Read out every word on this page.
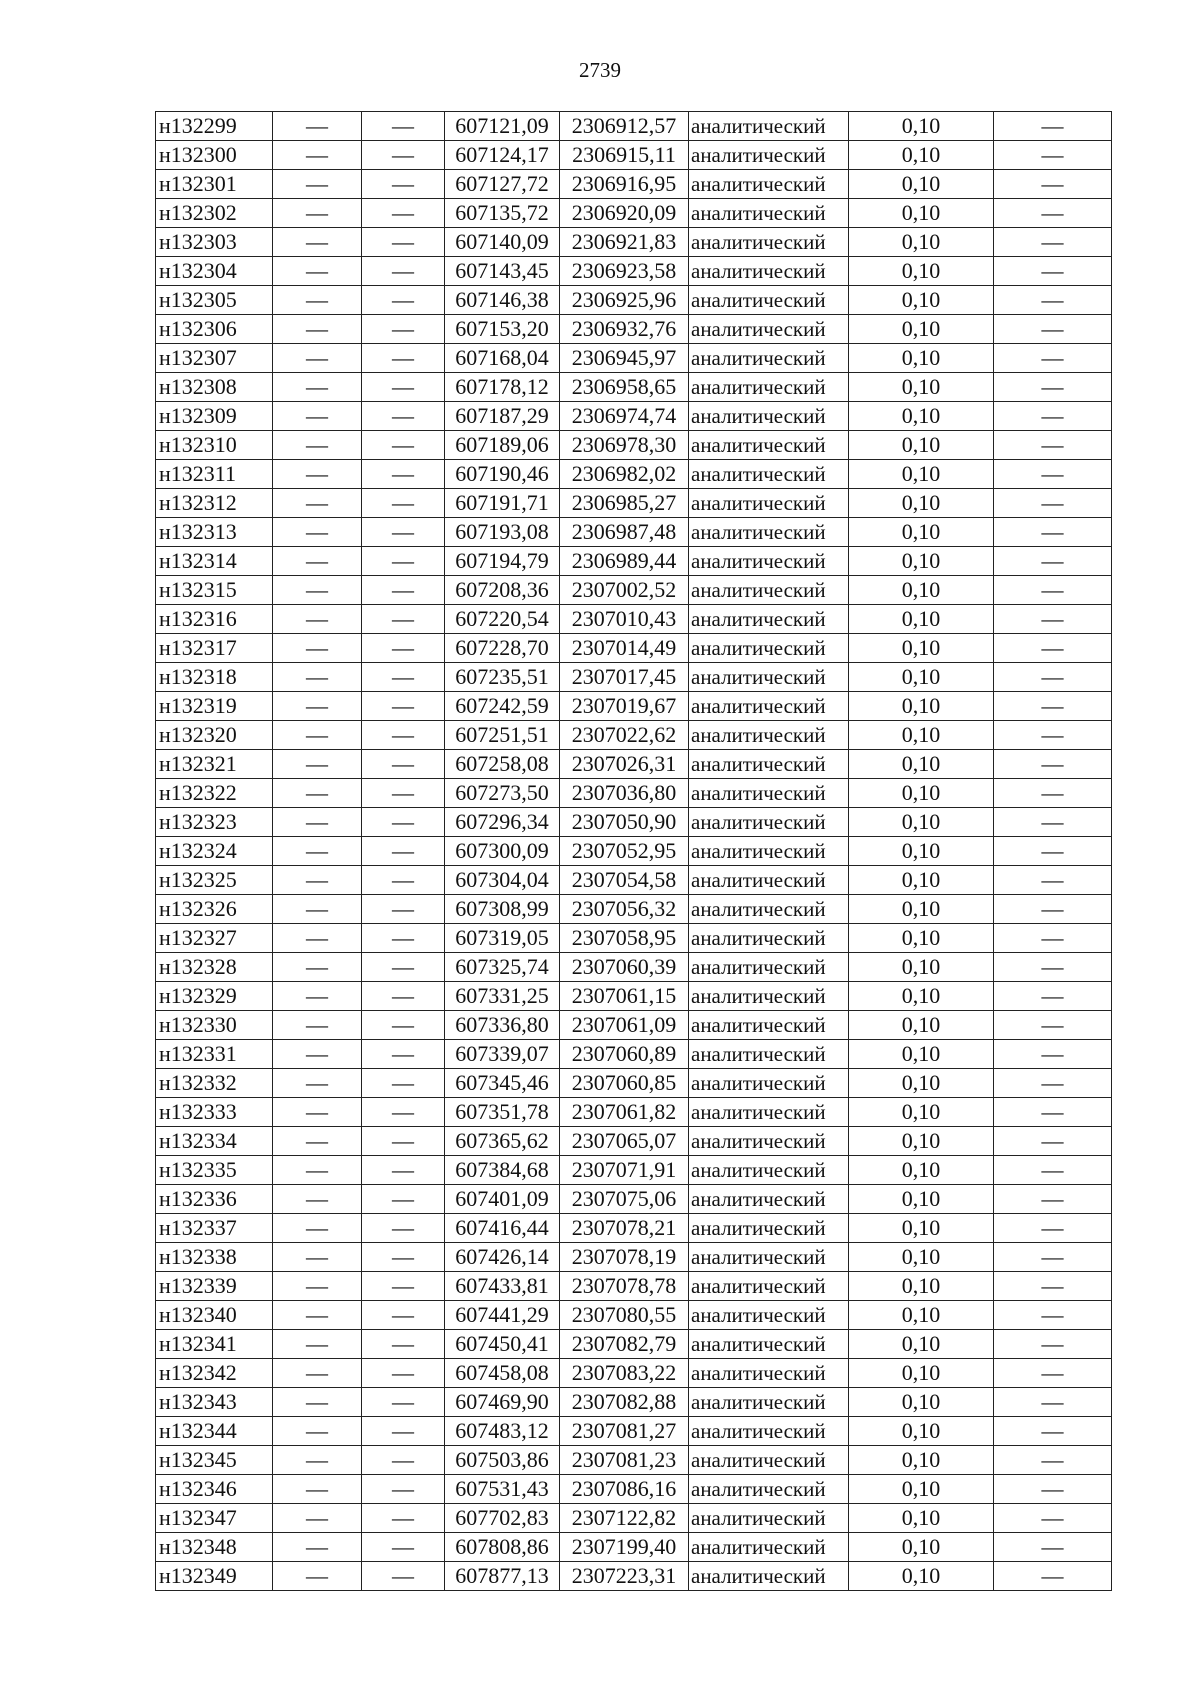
2739
н132299	—	—	607121,09	2306912,57	аналитический	0,10	—
н132300	—	—	607124,17	2306915,11	аналитический	0,10	—
н132301	—	—	607127,72	2306916,95	аналитический	0,10	—
н132302	—	—	607135,72	2306920,09	аналитический	0,10	—
н132303	—	—	607140,09	2306921,83	аналитический	0,10	—
н132304	—	—	607143,45	2306923,58	аналитический	0,10	—
н132305	—	—	607146,38	2306925,96	аналитический	0,10	—
н132306	—	—	607153,20	2306932,76	аналитический	0,10	—
н132307	—	—	607168,04	2306945,97	аналитический	0,10	—
н132308	—	—	607178,12	2306958,65	аналитический	0,10	—
н132309	—	—	607187,29	2306974,74	аналитический	0,10	—
н132310	—	—	607189,06	2306978,30	аналитический	0,10	—
н132311	—	—	607190,46	2306982,02	аналитический	0,10	—
н132312	—	—	607191,71	2306985,27	аналитический	0,10	—
н132313	—	—	607193,08	2306987,48	аналитический	0,10	—
н132314	—	—	607194,79	2306989,44	аналитический	0,10	—
н132315	—	—	607208,36	2307002,52	аналитический	0,10	—
н132316	—	—	607220,54	2307010,43	аналитический	0,10	—
н132317	—	—	607228,70	2307014,49	аналитический	0,10	—
н132318	—	—	607235,51	2307017,45	аналитический	0,10	—
н132319	—	—	607242,59	2307019,67	аналитический	0,10	—
н132320	—	—	607251,51	2307022,62	аналитический	0,10	—
н132321	—	—	607258,08	2307026,31	аналитический	0,10	—
н132322	—	—	607273,50	2307036,80	аналитический	0,10	—
н132323	—	—	607296,34	2307050,90	аналитический	0,10	—
н132324	—	—	607300,09	2307052,95	аналитический	0,10	—
н132325	—	—	607304,04	2307054,58	аналитический	0,10	—
н132326	—	—	607308,99	2307056,32	аналитический	0,10	—
н132327	—	—	607319,05	2307058,95	аналитический	0,10	—
н132328	—	—	607325,74	2307060,39	аналитический	0,10	—
н132329	—	—	607331,25	2307061,15	аналитический	0,10	—
н132330	—	—	607336,80	2307061,09	аналитический	0,10	—
н132331	—	—	607339,07	2307060,89	аналитический	0,10	—
н132332	—	—	607345,46	2307060,85	аналитический	0,10	—
н132333	—	—	607351,78	2307061,82	аналитический	0,10	—
н132334	—	—	607365,62	2307065,07	аналитический	0,10	—
н132335	—	—	607384,68	2307071,91	аналитический	0,10	—
н132336	—	—	607401,09	2307075,06	аналитический	0,10	—
н132337	—	—	607416,44	2307078,21	аналитический	0,10	—
н132338	—	—	607426,14	2307078,19	аналитический	0,10	—
н132339	—	—	607433,81	2307078,78	аналитический	0,10	—
н132340	—	—	607441,29	2307080,55	аналитический	0,10	—
н132341	—	—	607450,41	2307082,79	аналитический	0,10	—
н132342	—	—	607458,08	2307083,22	аналитический	0,10	—
н132343	—	—	607469,90	2307082,88	аналитический	0,10	—
н132344	—	—	607483,12	2307081,27	аналитический	0,10	—
н132345	—	—	607503,86	2307081,23	аналитический	0,10	—
н132346	—	—	607531,43	2307086,16	аналитический	0,10	—
н132347	—	—	607702,83	2307122,82	аналитический	0,10	—
н132348	—	—	607808,86	2307199,40	аналитический	0,10	—
н132349	—	—	607877,13	2307223,31	аналитический	0,10	—
